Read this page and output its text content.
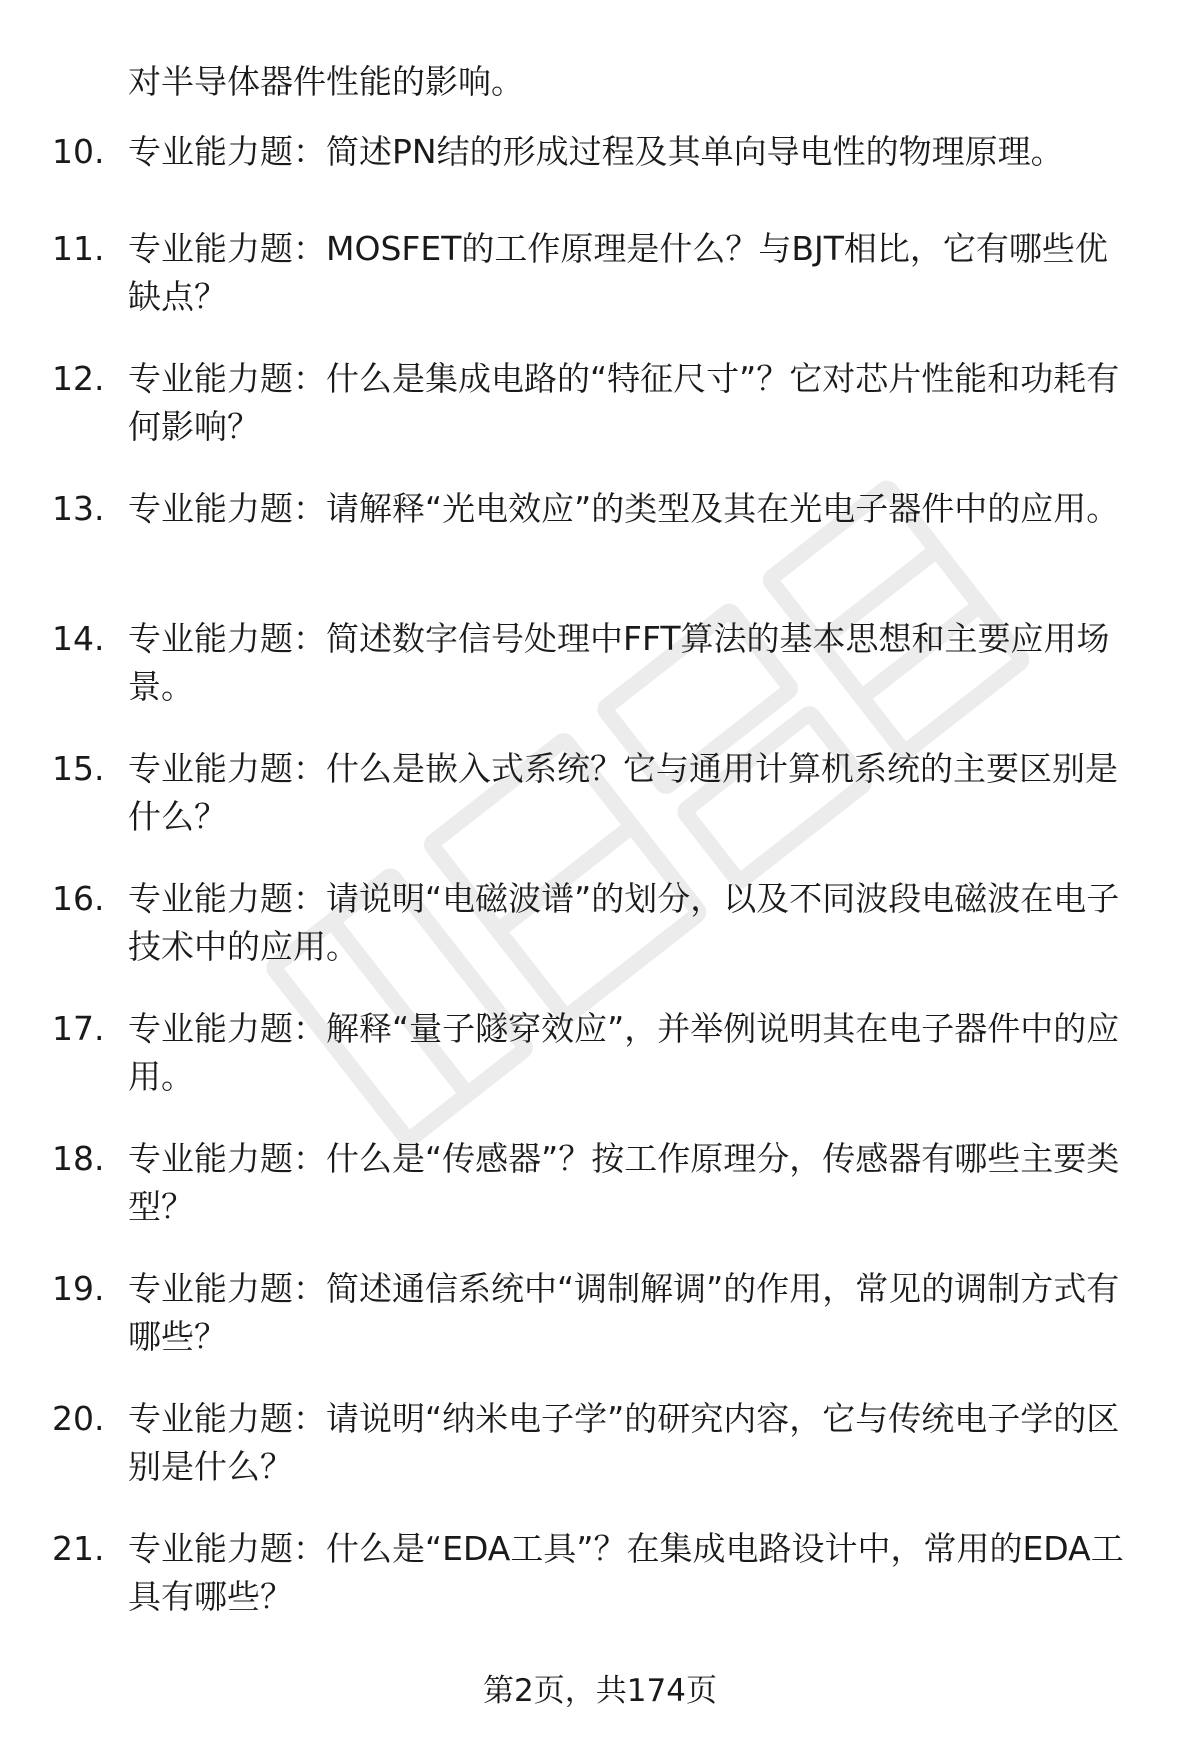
对半导体器件性能的影响。

10. 专业能力题：简述PN结的形成过程及其单向导电性的物理原理。

11. 专业能力题：MOSFET的工作原理是什么？与BJT相比，它有哪些优缺点？

12. 专业能力题：什么是集成电路的“特征尺寸”？它对芯片性能和功耗有何影响？

13. 专业能力题：请解释“光电效应”的类型及其在光电子器件中的应用。

14. 专业能力题：简述数字信号处理中FFT算法的基本思想和主要应用场景。

15. 专业能力题：什么是嵌入式系统？它与通用计算机系统的主要区别是什么？

16. 专业能力题：请说明“电磁波谱”的划分，以及不同波段电磁波在电子技术中的应用。

17. 专业能力题：解释“量子隧穿效应”，并举例说明其在电子器件中的应用。

18. 专业能力题：什么是“传感器”？按工作原理分，传感器有哪些主要类型？

19. 专业能力题：简述通信系统中“调制解调”的作用，常见的调制方式有哪些？

20. 专业能力题：请说明“纳米电子学”的研究内容，它与传统电子学的区别是什么？

21. 专业能力题：什么是“EDA工具”？在集成电路设计中，常用的EDA工具有哪些？

第2页，共174页
